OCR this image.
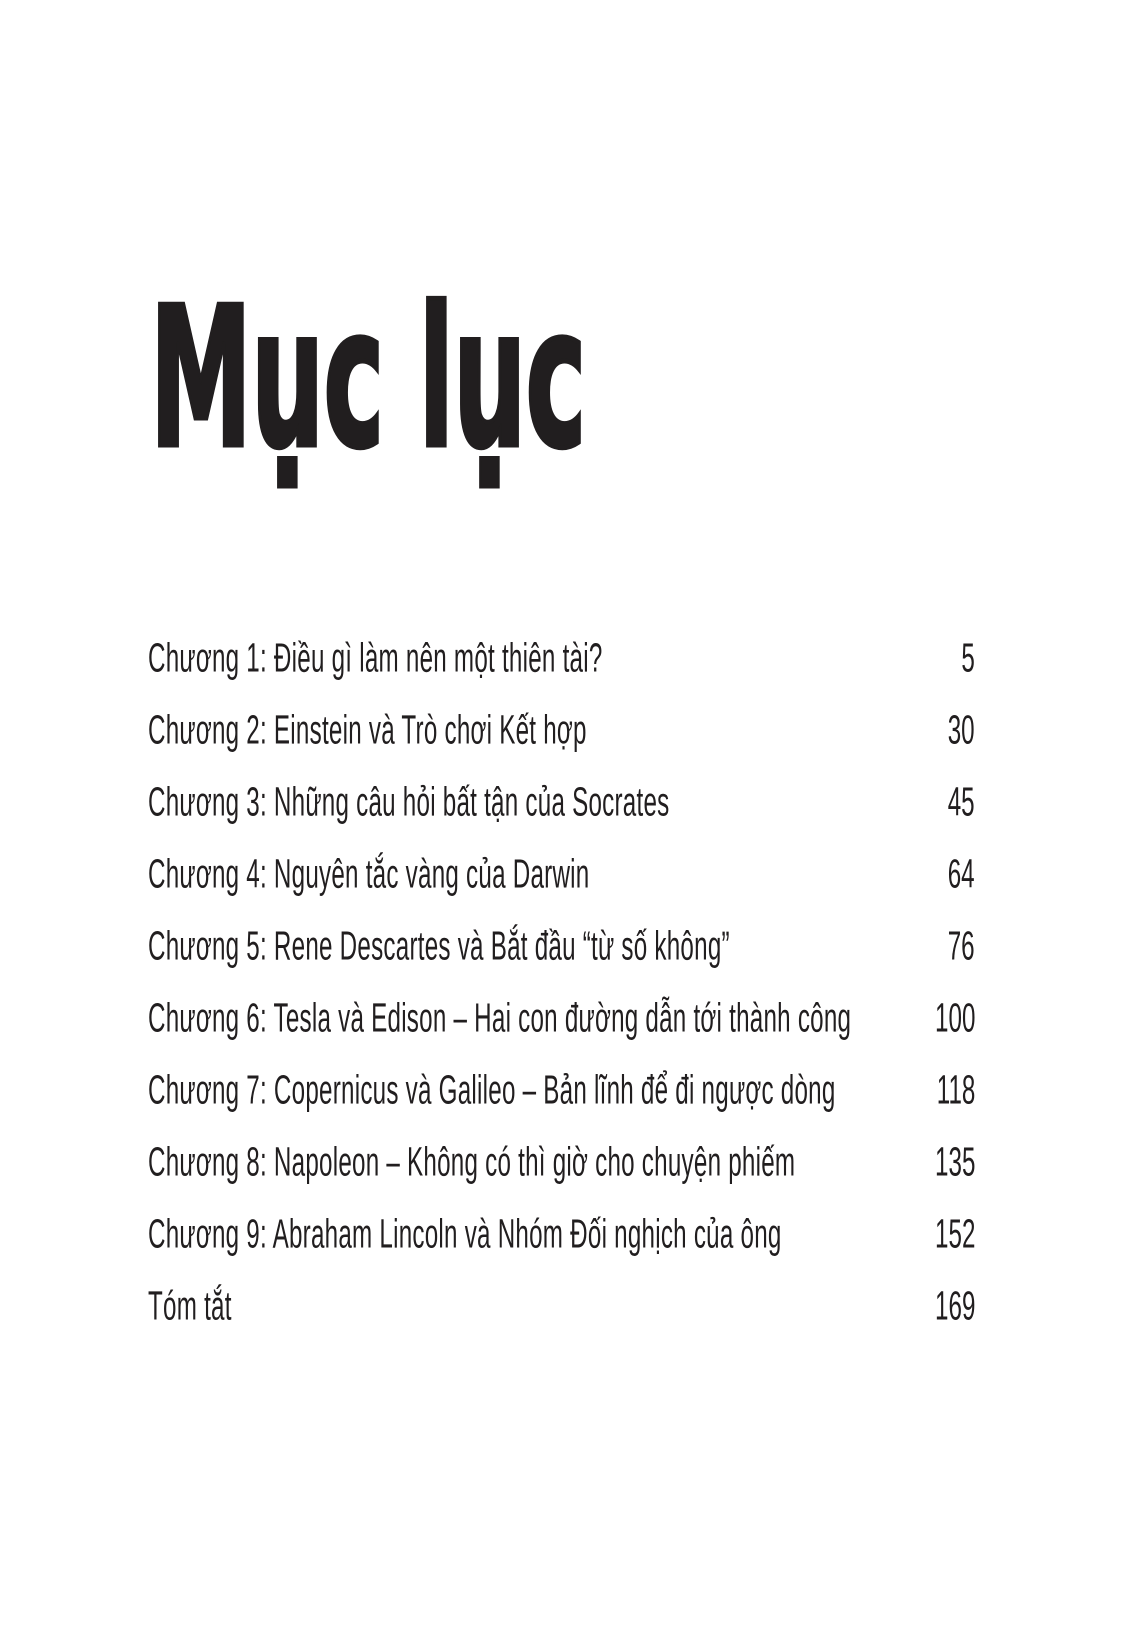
Mục lục
Chương 1: Điều gì làm nên một thiên tài?	5
Chương 2: Einstein và Trò chơi Kết hợp	30
Chương 3: Những câu hỏi bất tận của Socrates	45
Chương 4: Nguyên tắc vàng của Darwin	64
Chương 5: Rene Descartes và Bắt đầu “từ số không”	76
Chương 6: Tesla và Edison – Hai con đường dẫn tới thành công 100
Chương 7: Copernicus và Galileo – Bản lĩnh để đi ngược dòng 118
Chương 8: Napoleon – Không có thì giờ cho chuyện phiếm	135
Chương 9: Abraham Lincoln và Nhóm Đối nghịch của ông	152
Tóm tắt	169
